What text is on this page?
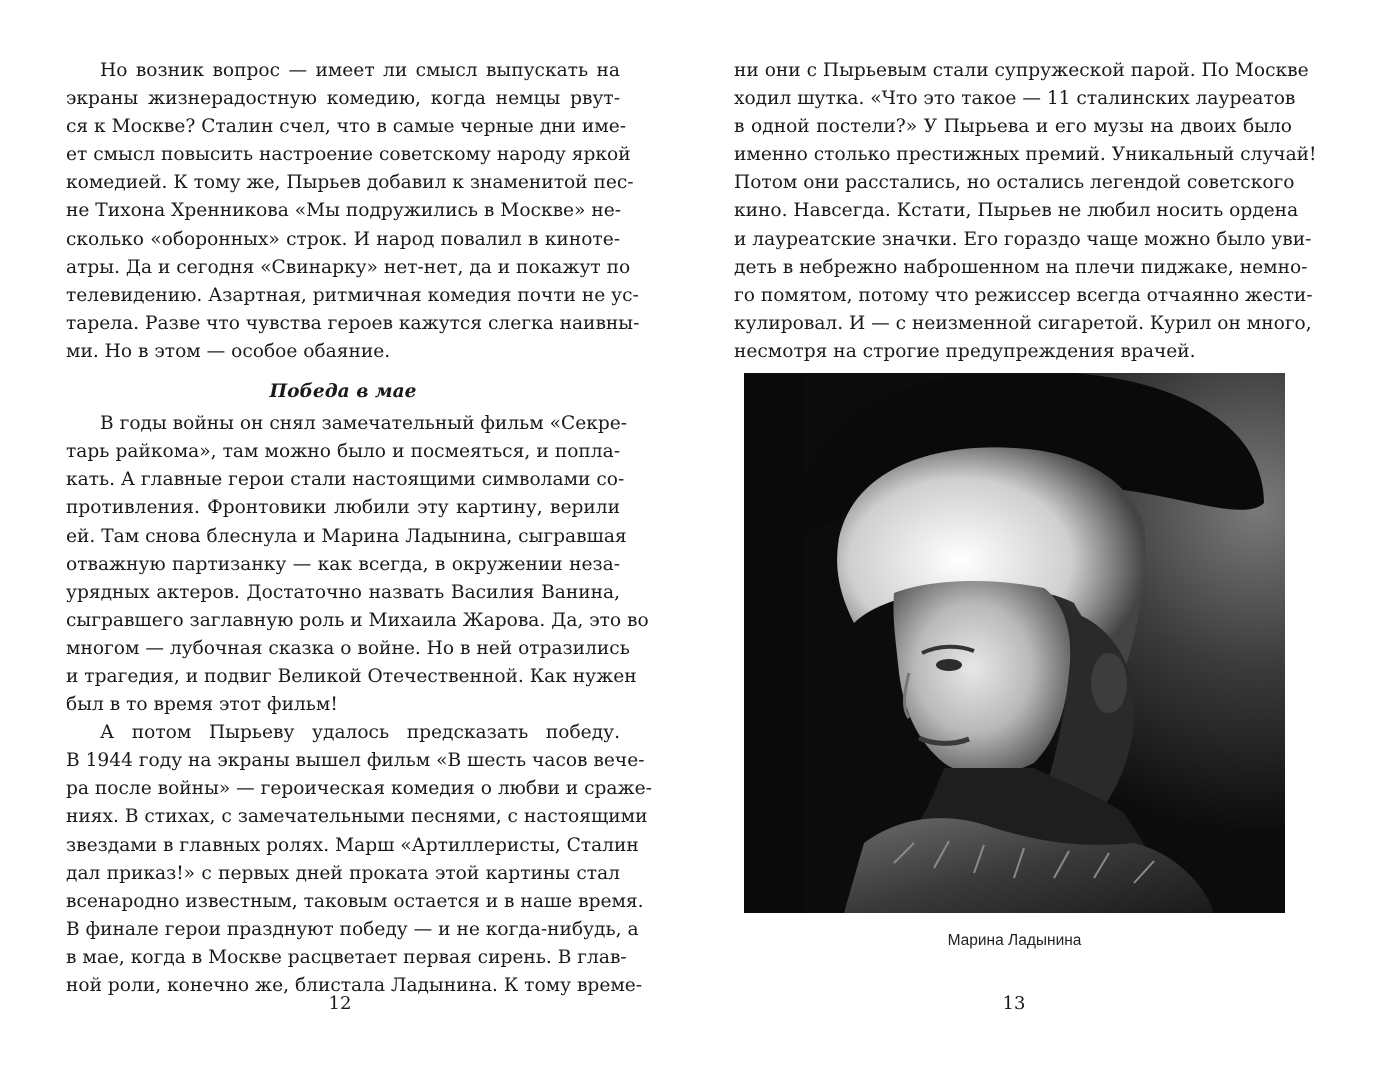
Но возник вопрос — имеет ли смысл выпускать на
экраны жизнерадостную комедию, когда немцы рвут-
ся к Москве? Сталин счел, что в самые черные дни име-
ет смысл повысить настроение советскому народу яркой
комедией. К тому же, Пырьев добавил к знаменитой пес-
не Тихона Хренникова «Мы подружились в Москве» не-
сколько «оборонных» строк. И народ повалил в кинотe-
атры. Да и сегодня «Свинарку» нет-нет, да и покажут по
телевидению. Азартная, ритмичная комедия почти не ус-
тарела. Разве что чувства героев кажутся слегка наивны-
ми. Но в этом — особое обаяние.
Победа в мае
В годы войны он снял замечательный фильм «Секре-
тарь райкома», там можно было и посмеяться, и попла-
кать. А главные герои стали настоящими символами со-
противления. Фронтовики любили эту картину, верили
ей. Там снова блеснула и Марина Ладынина, сыгравшая
отважную партизанку — как всегда, в окружении неза-
урядных актеров. Достаточно назвать Василия Ванина,
сыгравшего заглавную роль и Михаила Жарова. Да, это во
многом — лубочная сказка о войне. Но в ней отразились
и трагедия, и подвиг Великой Отечественной. Как нужен
был в то время этот фильм!
А потом Пырьеву удалось предсказать победу.
В 1944 году на экраны вышел фильм «В шесть часов вече-
ра после войны» — героическая комедия о любви и сраже-
ниях. В стихах, с замечательными песнями, с настоящими
звездами в главных ролях. Марш «Артиллеристы, Сталин
дал приказ!» с первых дней проката этой картины стал
всенародно известным, таковым остается и в наше время.
В финале герои празднуют победу — и не когда-нибудь, а
в мае, когда в Москве расцветает первая сирень. В глав-
ной роли, конечно же, блистала Ладынина. К тому време-
12
ни они с Пырьевым стали супружеской парой. По Москве
ходил шутка. «Что это такое — 11 сталинских лауреатов
в одной постели?» У Пырьева и его музы на двоих было
именно столько престижных премий. Уникальный случай!
Потом они расстались, но остались легендой советского
кино. Навсегда. Кстати, Пырьев не любил носить ордена
и лауреатские значки. Его гораздо чаще можно было уви-
деть в небрежно наброшенном на плечи пиджаке, немно-
го помятом, потому что режиссер всегда отчаянно жести-
кулировал. И — с неизменной сигаретой. Курил он много,
несмотря на строгие предупреждения врачей.
Марина Ладынина
13
